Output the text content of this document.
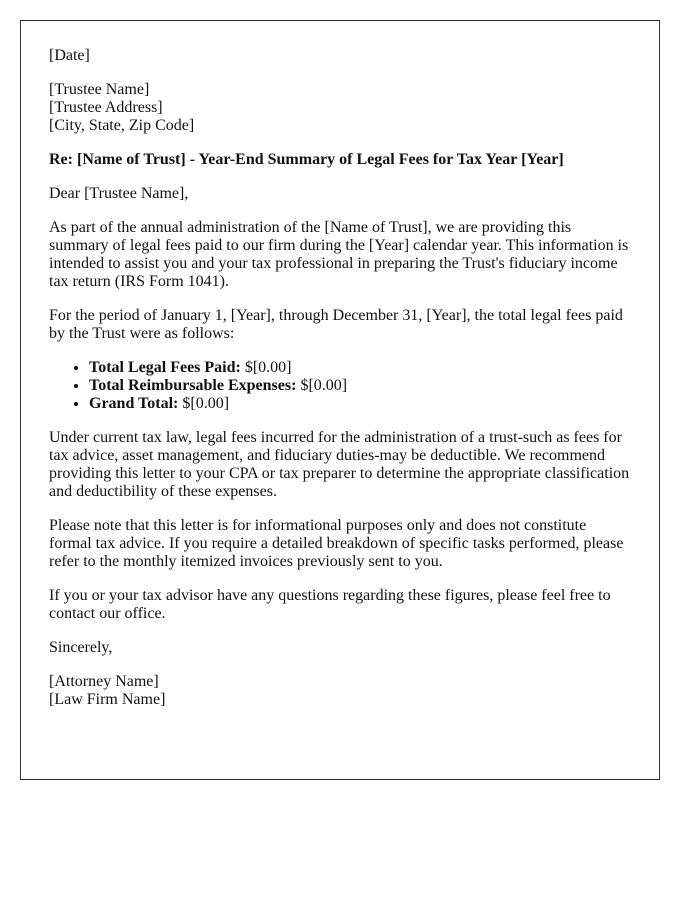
[Date]

[Trustee Name]
[Trustee Address]
[City, State, Zip Code]

Re: [Name of Trust] - Year-End Summary of Legal Fees for Tax Year [Year]

Dear [Trustee Name],

As part of the annual administration of the [Name of Trust], we are providing this summary of legal fees paid to our firm during the [Year] calendar year. This information is intended to assist you and your tax professional in preparing the Trust's fiduciary income tax return (IRS Form 1041).

For the period of January 1, [Year], through December 31, [Year], the total legal fees paid by the Trust were as follows:

• Total Legal Fees Paid: $[0.00]
• Total Reimbursable Expenses: $[0.00]
• Grand Total: $[0.00]

Under current tax law, legal fees incurred for the administration of a trust-such as fees for tax advice, asset management, and fiduciary duties-may be deductible. We recommend providing this letter to your CPA or tax preparer to determine the appropriate classification and deductibility of these expenses.

Please note that this letter is for informational purposes only and does not constitute formal tax advice. If you require a detailed breakdown of specific tasks performed, please refer to the monthly itemized invoices previously sent to you.

If you or your tax advisor have any questions regarding these figures, please feel free to contact our office.

Sincerely,

[Attorney Name]
[Law Firm Name]
